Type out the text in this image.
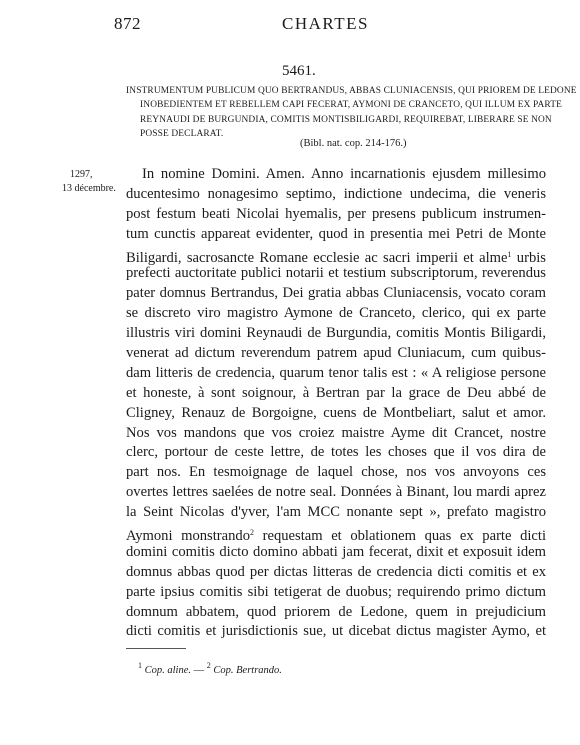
872	CHARTES
5461.
INSTRUMENTUM PUBLICUM QUO BERTRANDUS, ABBAS CLUNIACENSIS, QUI PRIOREM DE LEDONE
INOBEDIENTEM ET REBELLEM CAPI FECERAT, AYMONI DE CRANCETO, QUI ILLUM EX PARTE
REYNAUDI DE BURGUNDIA, COMITIS MONTISBILIGARDI, REQUIREBAT, LIBERARE SE NON
POSSE DECLARAT.
(Bibl. nat. cop. 214-176.)
1297,
13 décembre.
In nomine Domini. Amen. Anno incarnationis ejusdem millesimo
ducentesimo nonagesimo septimo, indictione undecima, die veneris
post festum beati Nicolai hyemalis, per presens publicum instrumen-
tum cunctis appareat evidenter, quod in presentia mei Petri de Monte
Biligardi, sacrosancte Romane ecclesie ac sacri imperii et alme$^1$ urbis
prefecti auctoritate publici notarii et testium subscriptorum, reverendus
pater domnus Bertrandus, Dei gratia abbas Cluniacensis, vocato coram
se discreto viro magistro Aymone de Cranceto, clerico, qui ex parte
illustris viri domini Reynaudi de Burgundia, comitis Montis Biligardi,
venerat ad dictum reverendum patrem apud Cluniacum, cum quibus-
dam litteris de credencia, quarum tenor talis est : « A religiose persone
et honeste, à sont soignour, à Bertran par la grace de Deu abbé de
Cligney, Renauz de Borgoigne, cuens de Montbeliart, salut et amor.
Nos vos mandons que vos croiez maistre Ayme dit Crancet, nostre
clerc, portour de ceste lettre, de totes les choses que il vos dira de
part nos. En tesmoignage de laquel chose, nos vos anvoyons ces
overtes lettres saelées de notre seal. Données à Binant, lou mardi aprez
la Seint Nicolas d'yver, l'am MCC nonante sept », prefato magistro
Aymoni monstrando$^2$ requestam et oblationem quas ex parte dicti
domini comitis dicto domino abbati jam fecerat, dixit et exposuit idem
domnus abbas quod per dictas litteras de credencia dicti comitis et ex
parte ipsius comitis sibi tetigerat de duobus; requirendo primo dictum
domnum abbatem, quod priorem de Ledone, quem in prejudicium
dicti comitis et jurisdictionis sue, ut dicebat dictus magister Aymo, et
$^1$ Cop. aline. — $^2$ Cop. Bertrando.
